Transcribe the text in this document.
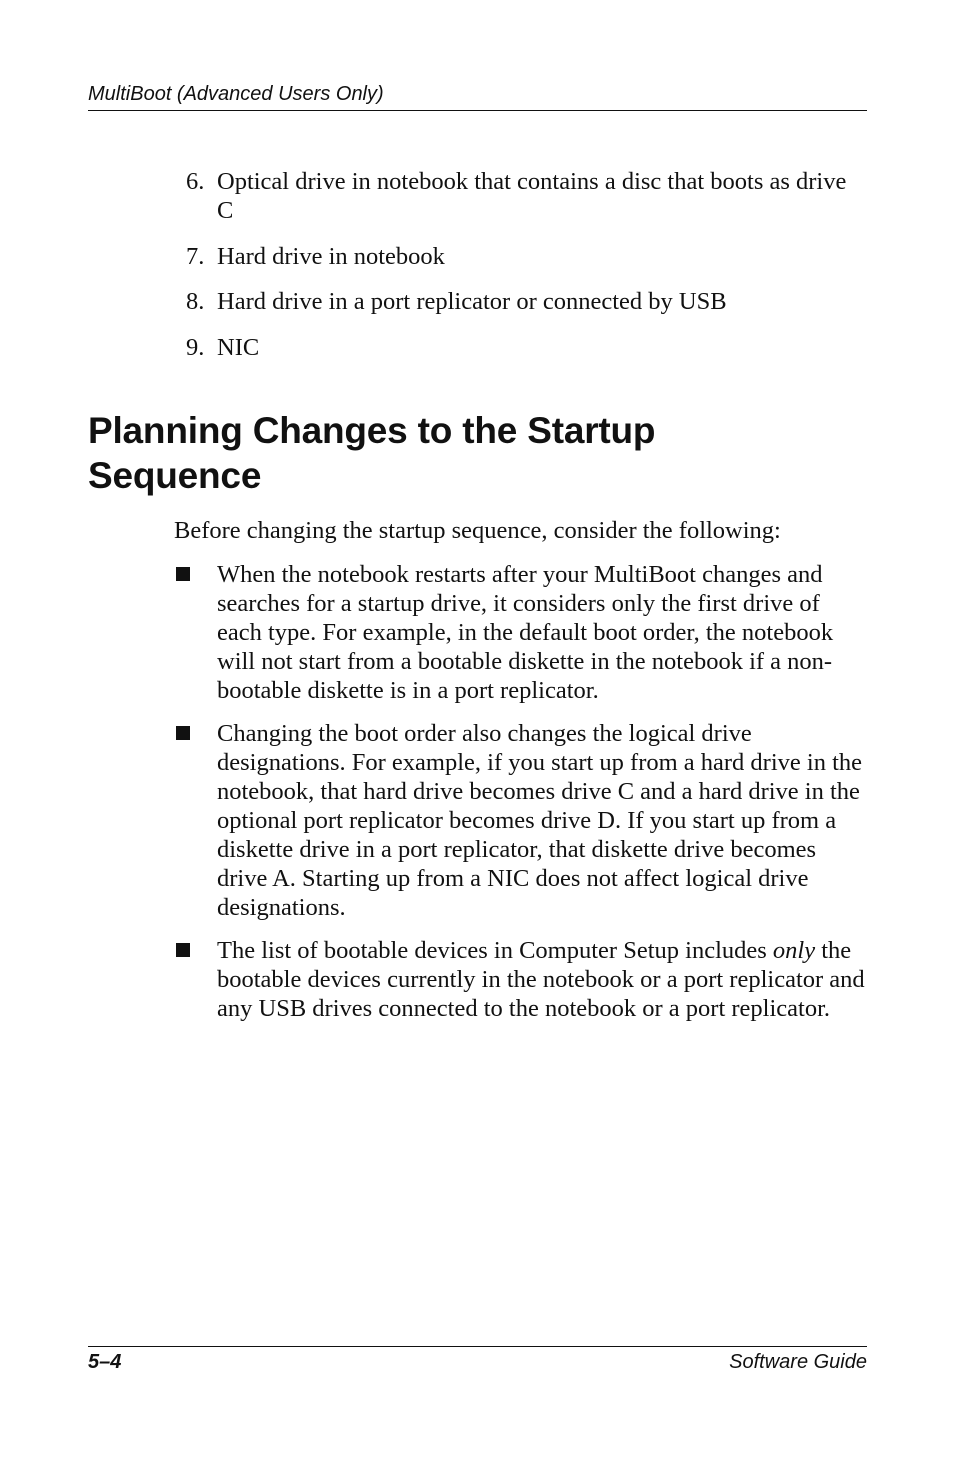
MultiBoot (Advanced Users Only)
6. Optical drive in notebook that contains a disc that boots as drive C
7. Hard drive in notebook
8. Hard drive in a port replicator or connected by USB
9. NIC
Planning Changes to the Startup Sequence

Before changing the startup sequence, consider the following:

When the notebook restarts after your MultiBoot changes and searches for a startup drive, it considers only the first drive of each type. For example, in the default boot order, the notebook will not start from a bootable diskette in the notebook if a non-bootable diskette is in a port replicator.
Changing the boot order also changes the logical drive designations. For example, if you start up from a hard drive in the notebook, that hard drive becomes drive C and a hard drive in the optional port replicator becomes drive D. If you start up from a diskette drive in a port replicator, that diskette drive becomes drive A. Starting up from a NIC does not affect logical drive designations.
The list of bootable devices in Computer Setup includes only the bootable devices currently in the notebook or a port replicator and any USB drives connected to the notebook or a port replicator.
5–4	Software Guide
